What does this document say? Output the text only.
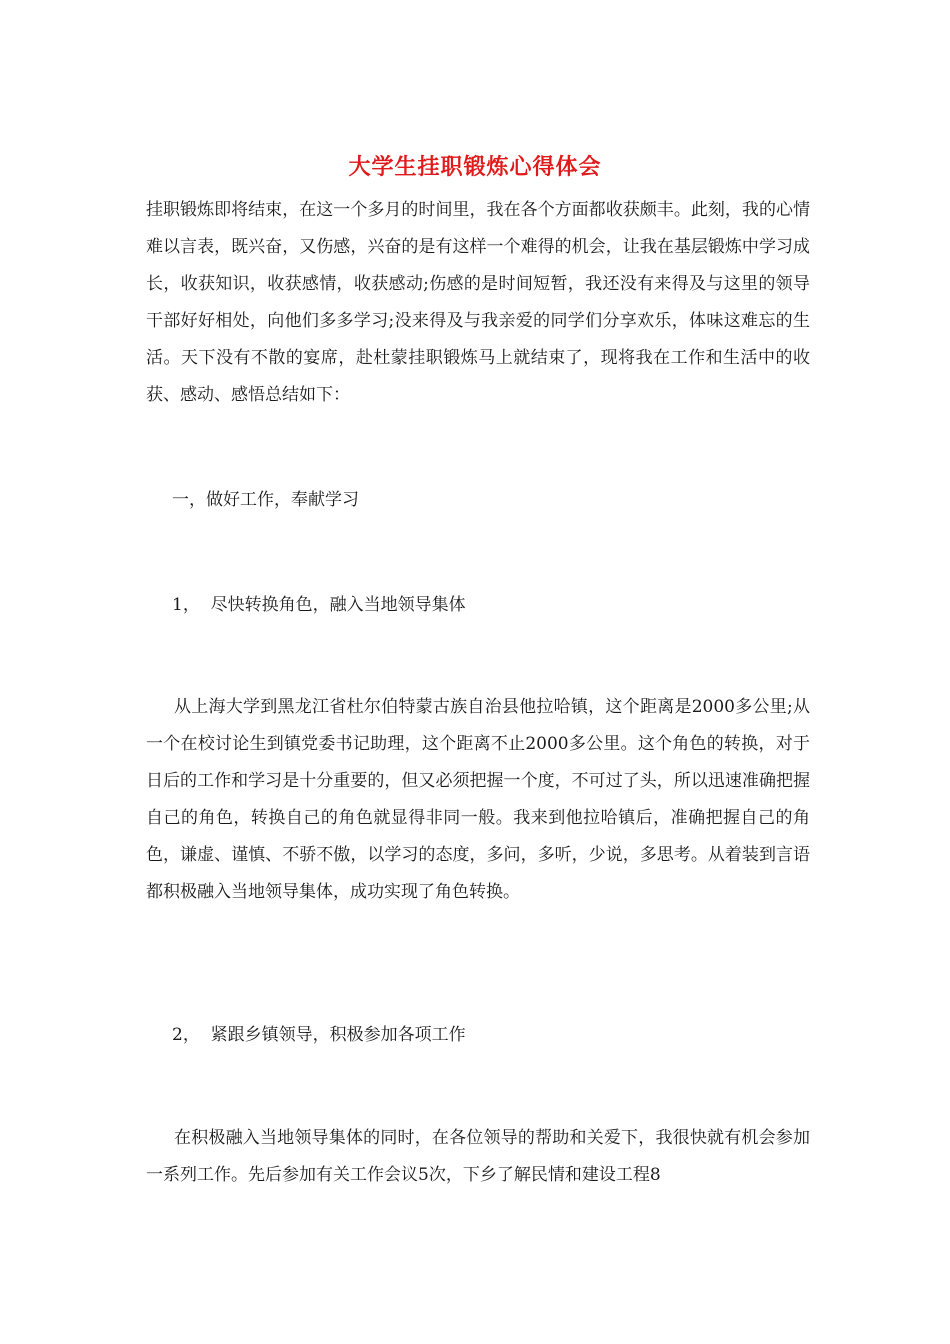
大学生挂职锻炼心得体会

挂职锻炼即将结束，在这一个多月的时间里，我在各个方面都收获颇丰。此刻，我的心情难以言表，既兴奋，又伤感，兴奋的是有这样一个难得的机会，让我在基层锻炼中学习成长，收获知识，收获感情，收获感动;伤感的是时间短暂，我还没有来得及与这里的领导干部好好相处，向他们多多学习;没来得及与我亲爱的同学们分享欢乐，体味这难忘的生活。天下没有不散的宴席，赴杜蒙挂职锻炼马上就结束了，现将我在工作和生活中的收获、感动、感悟总结如下：

一，做好工作，奉献学习

1，  尽快转换角色，融入当地领导集体

从上海大学到黑龙江省杜尔伯特蒙古族自治县他拉哈镇，这个距离是2000多公里;从一个在校讨论生到镇党委书记助理，这个距离不止2000多公里。这个角色的转换，对于日后的工作和学习是十分重要的，但又必须把握一个度，不可过了头，所以迅速准确把握自己的角色，转换自己的角色就显得非同一般。我来到他拉哈镇后，准确把握自己的角色，谦虚、谨慎、不骄不傲，以学习的态度，多问，多听，少说，多思考。从着装到言语都积极融入当地领导集体，成功实现了角色转换。

2，  紧跟乡镇领导，积极参加各项工作

在积极融入当地领导集体的同时，在各位领导的帮助和关爱下，我很快就有机会参加一系列工作。先后参加有关工作会议5次，下乡了解民情和建设工程8
